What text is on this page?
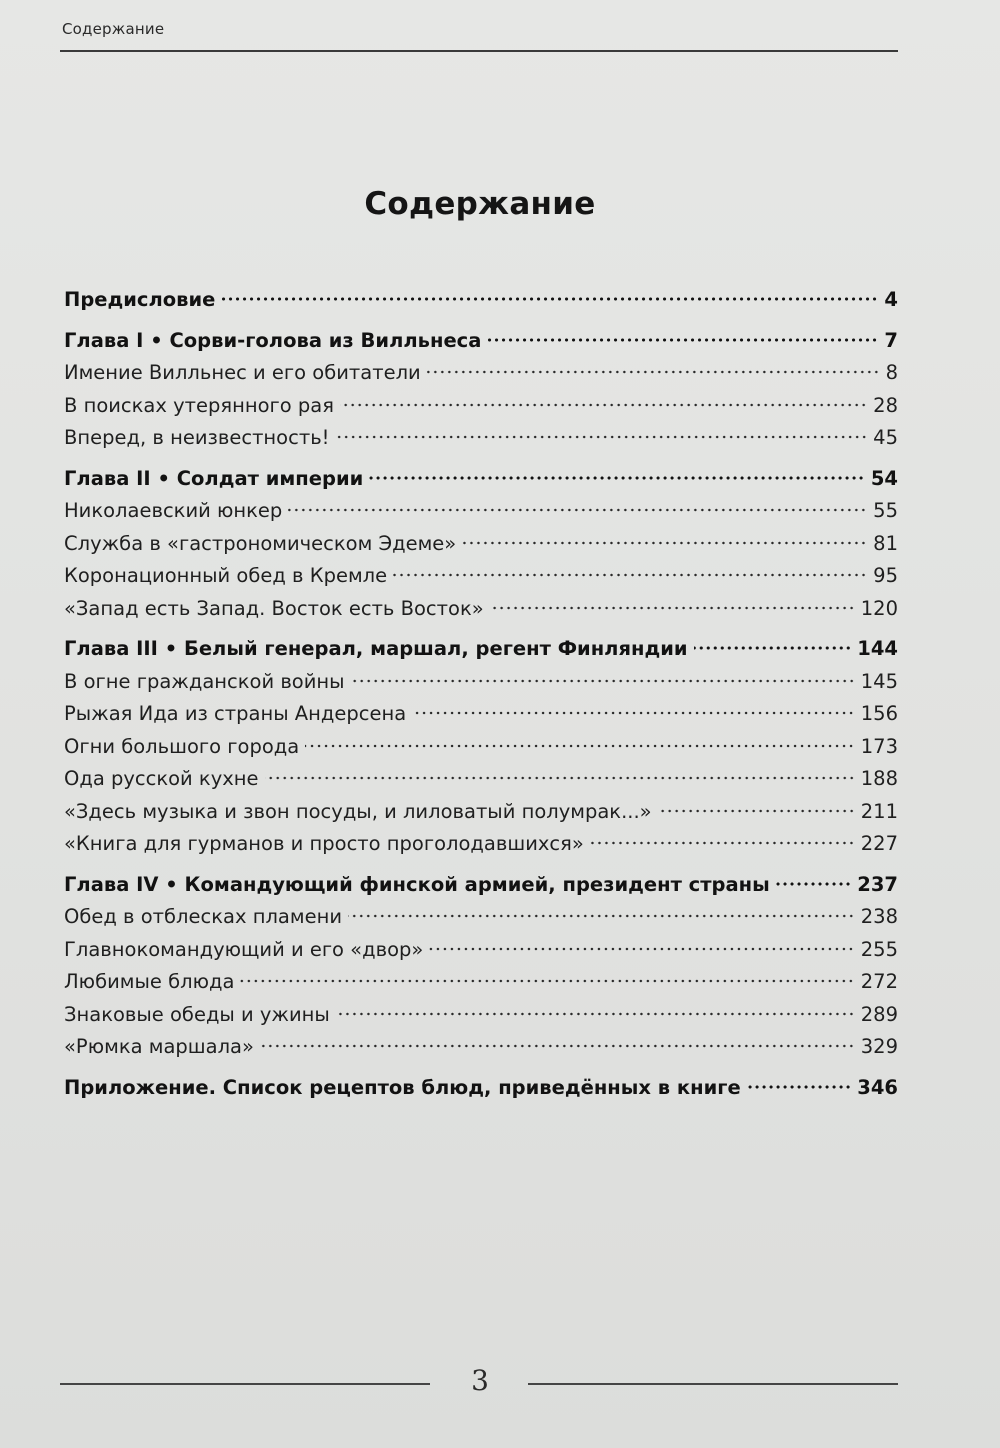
Содержание
Содержание
Предисловие	4
Глава I • Сорви-голова из Вилльнеса	7
Имение Вилльнес и его обитатели	8
В поисках утерянного рая	28
Вперед, в неизвестность!	45
Глава II • Солдат империи	54
Николаевский юнкер	55
Служба в «гастрономическом Эдеме»	81
Коронационный обед в Кремле	95
«Запад есть Запад. Восток есть Восток»	120
Глава III • Белый генерал, маршал, регент Финляндии	144
В огне гражданской войны	145
Рыжая Ида из страны Андерсена	156
Огни большого города	173
Ода русской кухне	188
«Здесь музыка и звон посуды, и лиловатый полумрак...»	211
«Книга для гурманов и просто проголодавшихся»	227
Глава IV • Командующий финской армией, президент страны	237
Обед в отблесках пламени	238
Главнокомандующий и его «двор»	255
Любимые блюда	272
Знаковые обеды и ужины	289
«Рюмка маршала»	329
Приложение. Список рецептов блюд, приведённых в книге	346
3
